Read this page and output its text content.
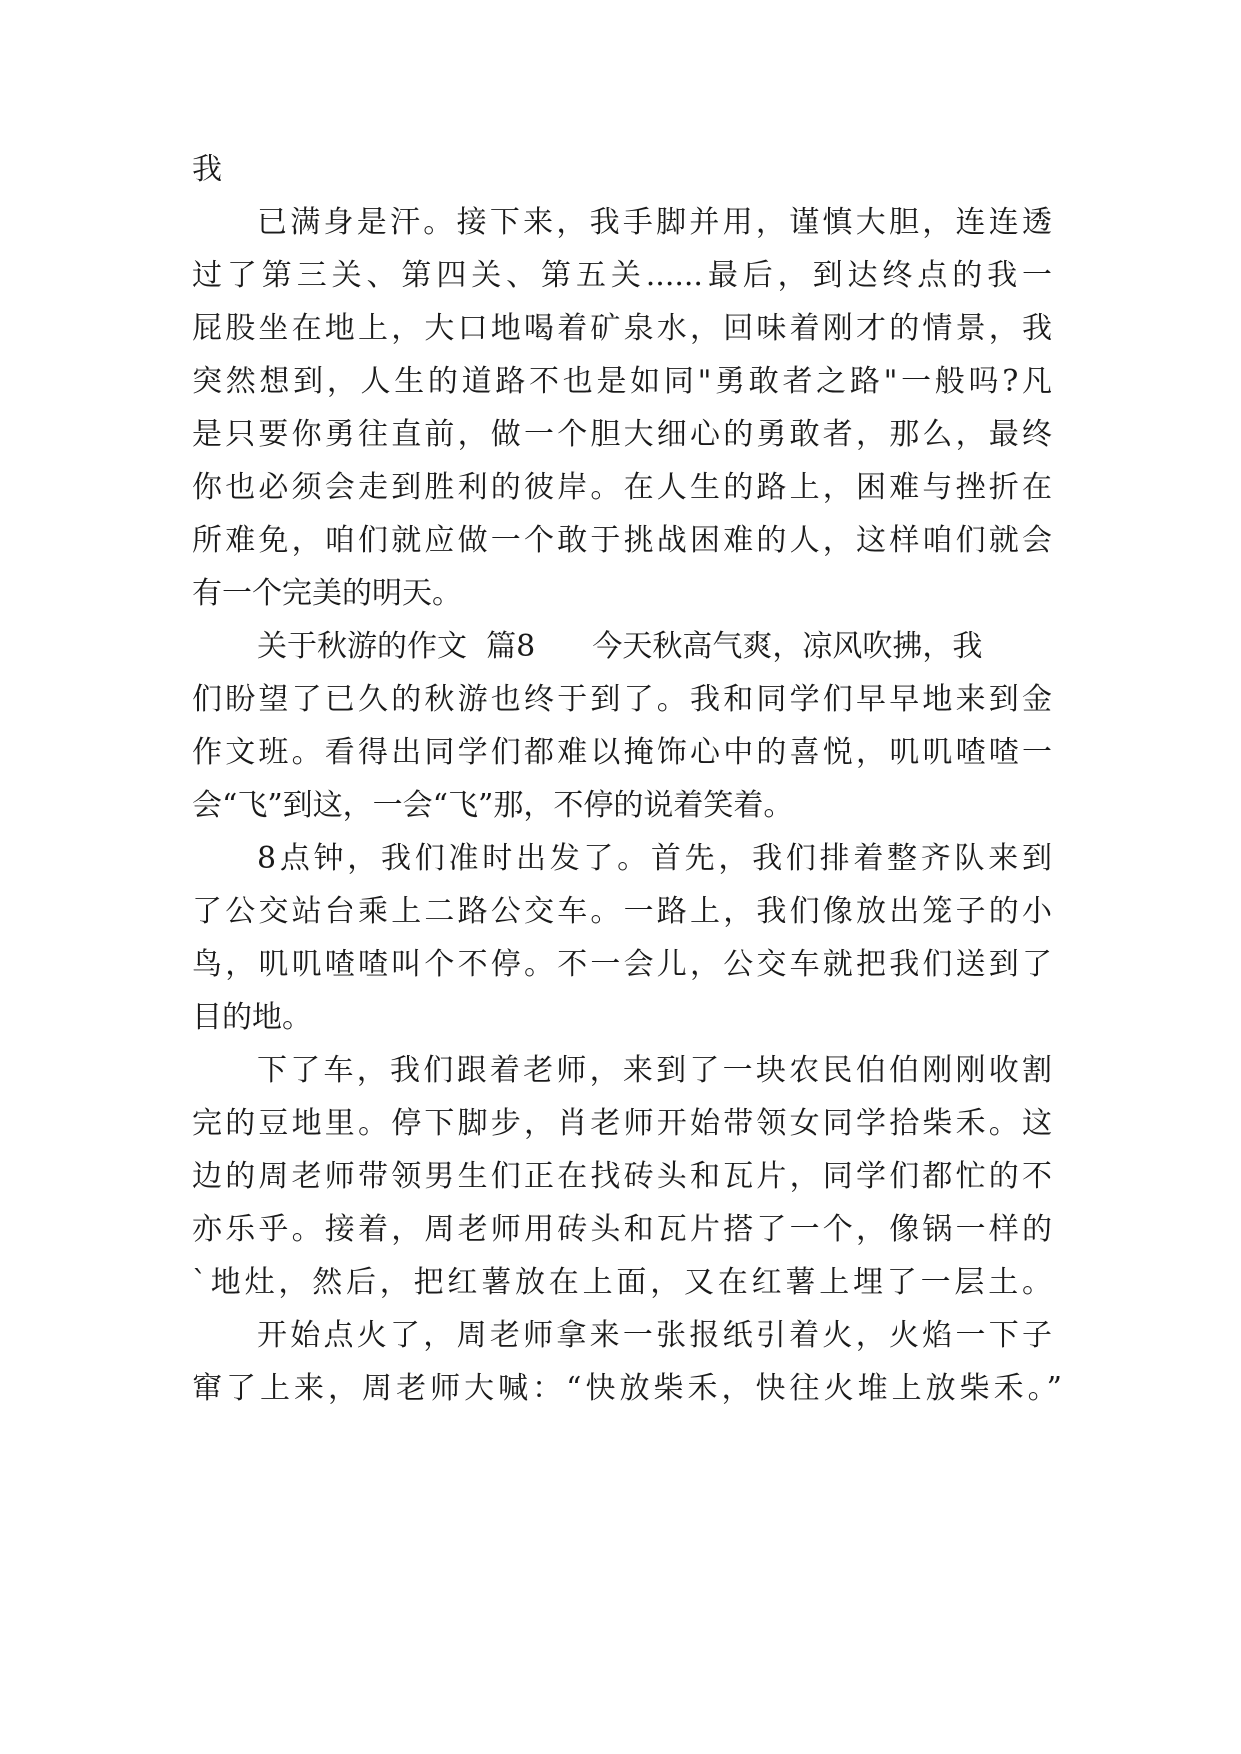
我
已满身是汗。接下来，我手脚并用，谨慎大胆，连连透
过了第三关、第四关、第五关......最后，到达终点的我一
屁股坐在地上，大口地喝着矿泉水，回味着刚才的情景，我
突然想到，人生的道路不也是如同"勇敢者之路"一般吗?凡
是只要你勇往直前，做一个胆大细心的勇敢者，那么，最终
你也必须会走到胜利的彼岸。在人生的路上，困难与挫折在
所难免，咱们就应做一个敢于挑战困难的人，这样咱们就会
有一个完美的明天。
关于秋游的作文  篇8      今天秋高气爽，凉风吹拂，我
们盼望了已久的秋游也终于到了。我和同学们早早地来到金
作文班。看得出同学们都难以掩饰心中的喜悦，叽叽喳喳一
会“飞”到这，一会“飞”那，不停的说着笑着。
8点钟，我们准时出发了。首先，我们排着整齐队来到
了公交站台乘上二路公交车。一路上，我们像放出笼子的小
鸟，叽叽喳喳叫个不停。不一会儿，公交车就把我们送到了
目的地。
下了车，我们跟着老师，来到了一块农民伯伯刚刚收割
完的豆地里。停下脚步，肖老师开始带领女同学拾柴禾。这
边的周老师带领男生们正在找砖头和瓦片，同学们都忙的不
亦乐乎。接着，周老师用砖头和瓦片搭了一个，像锅一样的
`地灶，然后，把红薯放在上面，又在红薯上埋了一层土。
开始点火了，周老师拿来一张报纸引着火，火焰一下子
窜了上来，周老师大喊：“快放柴禾，快往火堆上放柴禾。”
